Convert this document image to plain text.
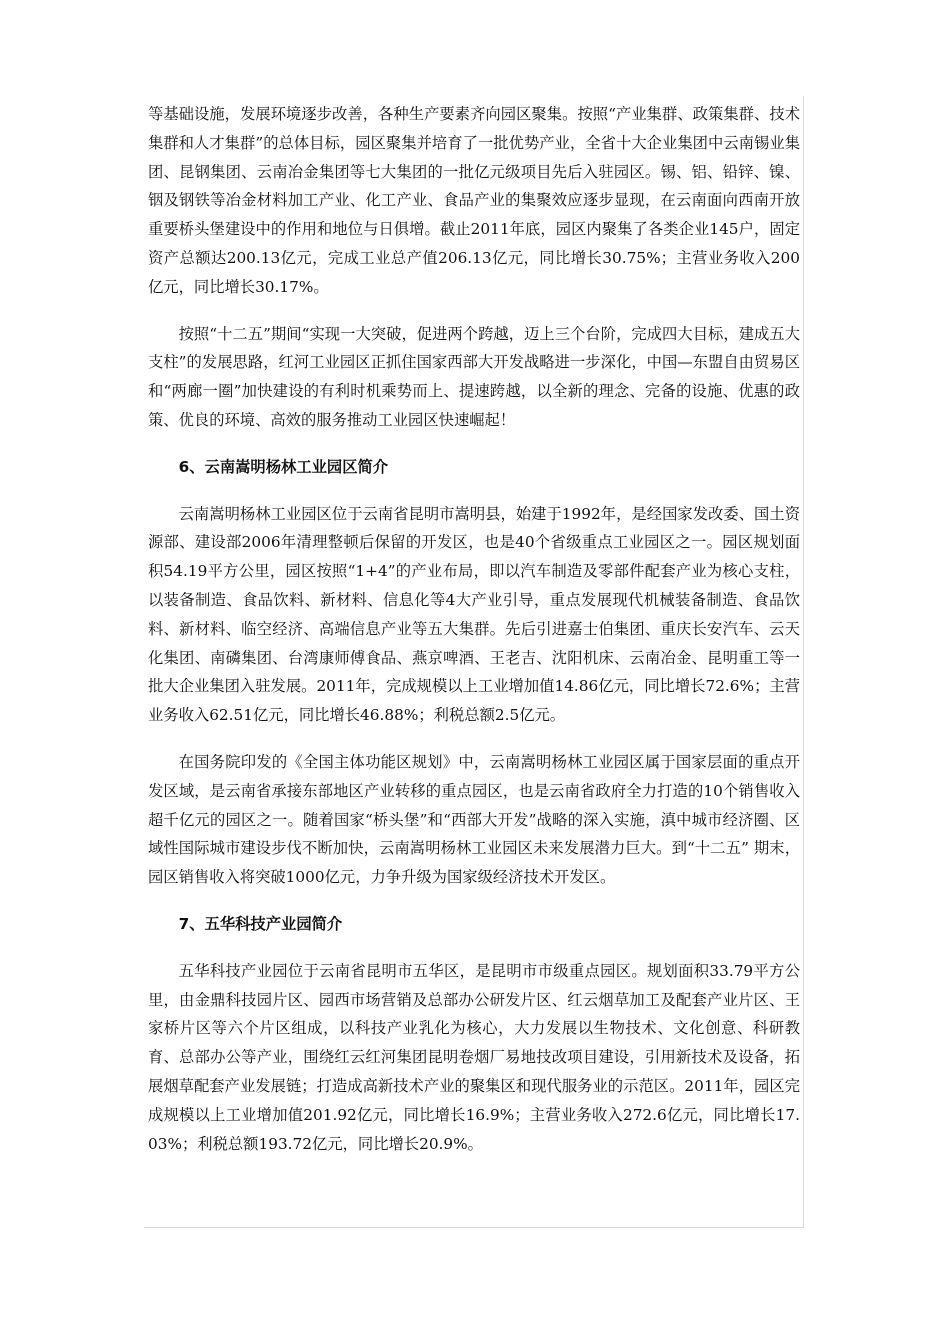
等基础设施，发展环境逐步改善，各种生产要素齐向园区聚集。按照“产业集群、政策集群、技术集群和人才集群”的总体目标，园区聚集并培育了一批优势产业，全省十大企业集团中云南锡业集团、昆钢集团、云南冶金集团等七大集团的一批亿元级项目先后入驻园区。锡、铝、铅锌、镍、铟及钢铁等冶金材料加工产业、化工产业、食品产业的集聚效应逐步显现，在云南面向西南开放重要桥头堡建设中的作用和地位与日俱增。截止2011年底，园区内聚集了各类企业145户，固定资产总额达200.13亿元，完成工业总产值206.13亿元，同比增长30.75%；主营业务收入200亿元，同比增长30.17%。

按照“十二五”期间“实现一大突破，促进两个跨越，迈上三个台阶，完成四大目标，建成五大支柱”的发展思路，红河工业园区正抓住国家西部大开发战略进一步深化，中国—东盟自由贸易区和“两廊一圈”加快建设的有利时机乘势而上、提速跨越，以全新的理念、完备的设施、优惠的政策、优良的环境、高效的服务推动工业园区快速崛起！

6、云南嵩明杨林工业园区简介

云南嵩明杨林工业园区位于云南省昆明市嵩明县，始建于1992年，是经国家发改委、国土资源部、建设部2006年清理整顿后保留的开发区，也是40个省级重点工业园区之一。园区规划面积54.19平方公里，园区按照“1+4”的产业布局，即以汽车制造及零部件配套产业为核心支柱，以装备制造、食品饮料、新材料、信息化等4大产业引导，重点发展现代机械装备制造、食品饮料、新材料、临空经济、高端信息产业等五大集群。先后引进嘉士伯集团、重庆长安汽车、云天化集团、南磷集团、台湾康师傅食品、燕京啤酒、王老吉、沈阳机床、云南冶金、昆明重工等一批大企业集团入驻发展。2011年，完成规模以上工业增加值14.86亿元，同比增长72.6%；主营业务收入62.51亿元，同比增长46.88%；利税总额2.5亿元。

在国务院印发的《全国主体功能区规划》中，云南嵩明杨林工业园区属于国家层面的重点开发区域，是云南省承接东部地区产业转移的重点园区，也是云南省政府全力打造的10个销售收入超千亿元的园区之一。随着国家“桥头堡”和“西部大开发”战略的深入实施，滇中城市经济圈、区域性国际城市建设步伐不断加快，云南嵩明杨林工业园区未来发展潜力巨大。到“十二五” 期末，园区销售收入将突破1000亿元，力争升级为国家级经济技术开发区。

7、五华科技产业园简介

五华科技产业园位于云南省昆明市五华区，是昆明市市级重点园区。规划面积33.79平方公里，由金鼎科技园片区、园西市场营销及总部办公研发片区、红云烟草加工及配套产业片区、王家桥片区等六个片区组成，以科技产业乳化为核心，大力发展以生物技术、文化创意、科研教育、总部办公等产业，围绕红云红河集团昆明卷烟厂易地技改项目建设，引用新技术及设备，拓展烟草配套产业发展链；打造成高新技术产业的聚集区和现代服务业的示范区。2011年，园区完成规模以上工业增加值201.92亿元，同比增长16.9%；主营业务收入272.6亿元，同比增长17.03%；利税总额193.72亿元，同比增长20.9%。
